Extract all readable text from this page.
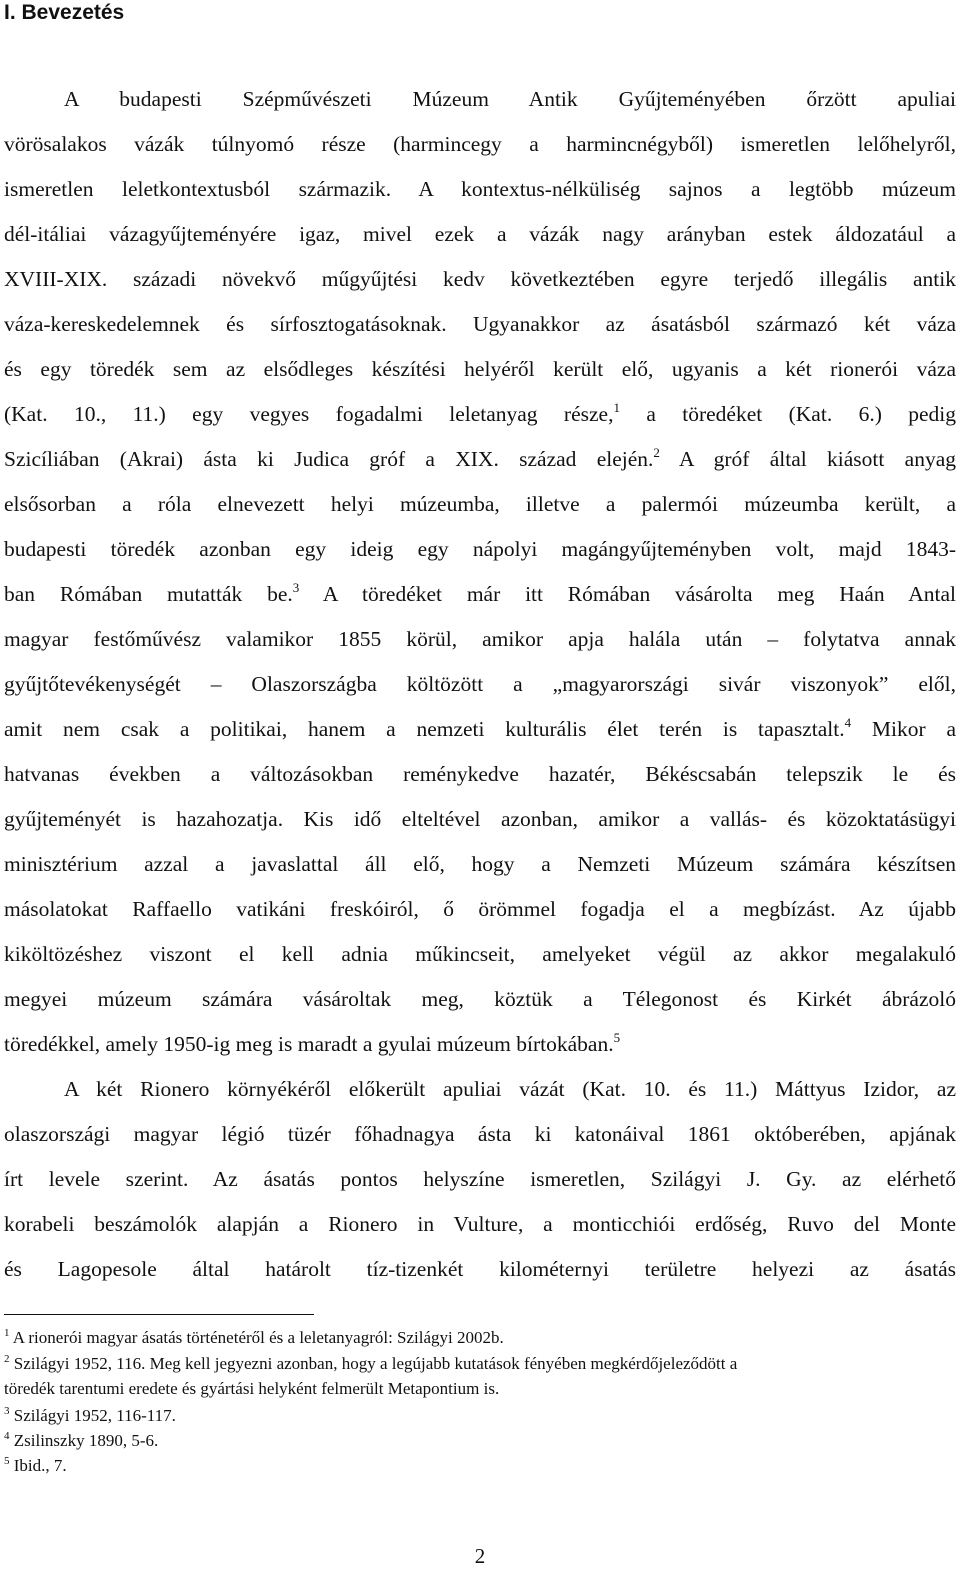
I. Bevezetés
A budapesti Szépművészeti Múzeum Antik Gyűjteményében őrzött apuliai
vörösalakos vázák túlnyomó része (harmincegy a harmincnégyből) ismeretlen lelőhelyről,
ismeretlen leletkontextusból származik. A kontextus-nélküliség sajnos a legtöbb múzeum
dél-itáliai vázagyűjteményére igaz, mivel ezek a vázák nagy arányban estek áldozatául a
XVIII-XIX. századi növekvő műgyűjtési kedv következtében egyre terjedő illegális antik
váza-kereskedelemnek és sírfosztogatásoknak. Ugyanakkor az ásatásból származó két váza
és egy töredék sem az elsődleges készítési helyéről került elő, ugyanis a két rionerói váza
(Kat. 10., 11.) egy vegyes fogadalmi leletanyag része,$^1$ a töredéket (Kat. 6.) pedig
Szicíliában (Akrai) ásta ki Judica gróf a XIX. század elején.$^2$ A gróf által kiásott anyag
elsősorban a róla elnevezett helyi múzeumba, illetve a palermói múzeumba került, a
budapesti töredék azonban egy ideig egy nápolyi magángyűjteményben volt, majd 1843-
ban Rómában mutatták be.$^3$ A töredéket már itt Rómában vásárolta meg Haán Antal
magyar festőművész valamikor 1855 körül, amikor apja halála után – folytatva annak
gyűjtőtevékenységét – Olaszországba költözött a „magyarországi sivár viszonyok” elől,
amit nem csak a politikai, hanem a nemzeti kulturális élet terén is tapasztalt.$^4$ Mikor a
hatvanas években a változásokban reménykedve hazatér, Békéscsabán telepszik le és
gyűjteményét is hazahozatja. Kis idő elteltével azonban, amikor a vallás- és közoktatásügyi
minisztérium azzal a javaslattal áll elő, hogy a Nemzeti Múzeum számára készítsen
másolatokat Raffaello vatikáni freskóiról, ő örömmel fogadja el a megbízást. Az újabb
kiköltözéshez viszont el kell adnia műkincseit, amelyeket végül az akkor megalakuló
megyei múzeum számára vásároltak meg, köztük a Télegonost és Kirkét ábrázoló
töredékkel, amely 1950-ig meg is maradt a gyulai múzeum bírtokában.$^5$
A két Rionero környékéről előkerült apuliai vázát (Kat. 10. és 11.) Máttyus Izidor, az
olaszországi magyar légió tüzér főhadnagya ásta ki katonáival 1861 októberében, apjának
írt levele szerint. Az ásatás pontos helyszíne ismeretlen, Szilágyi J. Gy. az elérhető
korabeli beszámolók alapján a Rionero in Vulture, a monticchiói erdőség, Ruvo del Monte
és Lagopesole által határolt tíz-tizenkét kilométernyi területre helyezi az ásatás
$^1$ A rionerói magyar ásatás történetéről és a leletanyagról: Szilágyi 2002b.
$^2$ Szilágyi 1952, 116. Meg kell jegyezni azonban, hogy a legújabb kutatások fényében megkérdőjeleződött a
töredék tarentumi eredete és gyártási helyként felmerült Metapontium is.
$^3$ Szilágyi 1952, 116-117.
$^4$ Zsilinszky 1890, 5-6.
$^5$ Ibid., 7.
2
